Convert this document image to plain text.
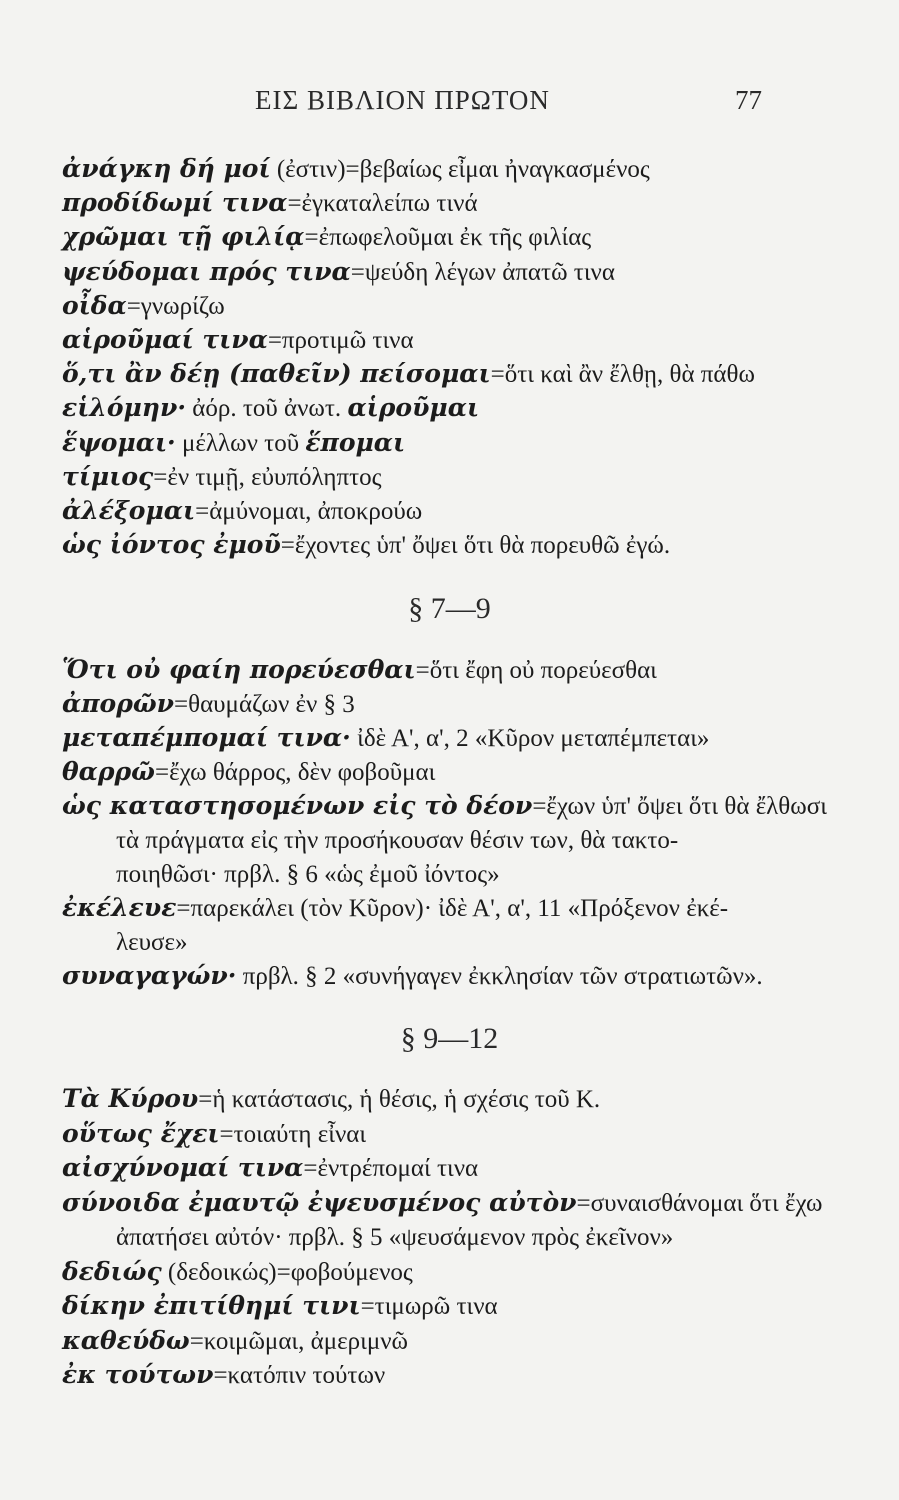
ΕΙΣ ΒΙΒΛΙΟΝ ΠΡΩΤΟΝ	77
ἀνάγκη δή μοί (ἐστιν)=βεβαίως εἶμαι ἠναγκασμένος
προδίδωμί τινα=ἐγκαταλείπω τινά
χρῶμαι τῇ φιλίᾳ=ἐπωφελοῦμαι ἐκ τῆς φιλίας
ψεύδομαι πρός τινα=ψεύδη λέγων ἀπατῶ τινα
οἶδα=γνωρίζω
αἱροῦμαί τινα=προτιμῶ τινα
ὅ,τι ἂν δέῃ (παθεῖν) πείσομαι=ὅτι καὶ ἂν ἔλθῃ, θὰ πάθω
εἱλόμην· ἀόρ. τοῦ ἀνωτ. αἱροῦμαι
ἕψομαι· μέλλων τοῦ ἕπομαι
τίμιος=ἐν τιμῇ, εὐυπόληπτος
ἀλέξομαι=ἀμύνομαι, ἀποκρούω
ὡς ἰόντος ἐμοῦ=ἔχοντες ὑπ' ὄψει ὅτι θὰ πορευθῶ ἐγώ.
§ 7—9
Ὅτι οὐ φαίη πορεύεσθαι=ὅτι ἔφη οὐ πορεύεσθαι
ἀπορῶν=θαυμάζων ἐν § 3
μεταπέμπομαί τινα· ἰδὲ Α', α', 2 «Κῦρον μεταπέμπεται»
θαρρῶ=ἔχω θάρρος, δὲν φοβοῦμαι
ὡς καταστησομένων εἰς τὸ δέον=ἔχων ὑπ' ὄψει ὅτι θὰ ἔλθωσι
τὰ πράγματα εἰς τὴν προσήκουσαν θέσιν των, θὰ τακτο-
ποιηθῶσι· πρβλ. § 6 «ὡς ἐμοῦ ἰόντος»
ἐκέλευε=παρεκάλει (τὸν Κῦρον)· ἰδὲ Α', α', 11 «Πρόξενον ἐκέ-
λευσε»
συναγαγών· πρβλ. § 2 «συνήγαγεν ἐκκλησίαν τῶν στρατιωτῶν».
§ 9—12
Τὰ Κύρου=ἡ κατάστασις, ἡ θέσις, ἡ σχέσις τοῦ Κ.
οὕτως ἔχει=τοιαύτη εἶναι
αἰσχύνομαί τινα=ἐντρέπομαί τινα
σύνοιδα ἐμαυτῷ ἐψευσμένος αὐτὸν=συναισθάνομαι ὅτι ἔχω
ἀπατήσει αὐτόν· πρβλ. § 5 «ψευσάμενον πρὸς ἐκεῖνον»
δεδιώς (δεδοικώς)=φοβούμενος
δίκην ἐπιτίθημί τινι=τιμωρῶ τινα
καθεύδω=κοιμῶμαι, ἀμεριμνῶ
ἐκ τούτων=κατόπιν τούτων
